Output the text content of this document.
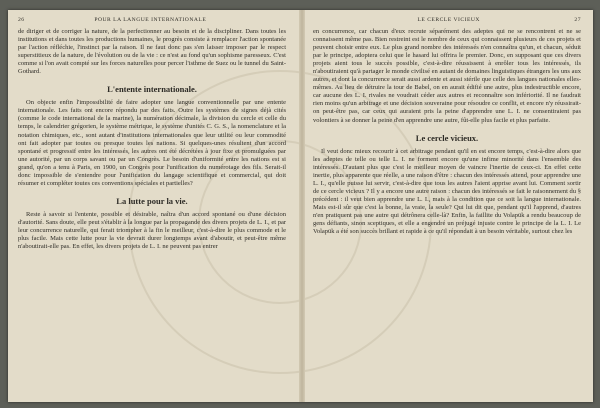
26	POUR LA LANGUE INTERNATIONALE

de diriger et de corriger la nature, de la perfectionner au besoin et de la discipliner. Dans toutes les institutions et dans toutes les productions humaines, le progrès consiste à remplacer l'action spontanée par l'action réfléchie, l'instinct par la raison. Il ne faut donc pas s'en laisser imposer par le respect superstitieux de la nature, de l'évolution ou de la vie : ce n'est au fond qu'un sophisme paresseux. C'est comme si l'on avait compté sur les forces naturelles pour percer l'isthme de Suez ou le tunnel du Saint-Gothard.

L'entente internationale.

On objecte enfin l'impossibilité de faire adopter une langue conventionnelle par une entente internationale. Les faits ont encore répondu par des faits. Outre les systèmes de signes déjà cités (comme le code international de la marine), la numération décimale, la division du cercle et celle du temps, le calendrier grégorien, le système métrique, le système d'unités C. G. S., la nomenclature et la notation chimiques, etc., sont autant d'institutions internationales que leur utilité ou leur commodité ont fait adopter par toutes ou presque toutes les nations. Si quelques-unes résultent d'un accord spontané et progressif entre les intéressés, les autres ont été décrétées à jour fixe et promulguées par une autorité, par un corps savant ou par un Congrès. Le besoin d'uniformité entre les nations est si grand, qu'on a tenu à Paris, en 1900, un Congrès pour l'unification du numérotage des fils. Serait-il donc impossible de s'entendre pour l'unification du langage scientifique et commercial, qui doit résumer et compléter toutes ces conventions spéciales et partielles?

La lutte pour la vie.

Reste à savoir si l'entente, possible et désirable, naîtra d'un accord spontané ou d'une décision d'autorité. Sans doute, elle peut s'établir à la longue par la propagande des divers projets de L. I., et par leur concurrence naturelle, qui ferait triompher à la fin le meilleur, c'est-à-dire le plus commode et le plus facile. Mais cette lutte pour la vie devrait durer longtemps avant d'aboutir, et peut-être même n'aboutirait-elle pas. En effet, les divers projets de L. I. ne peuvent pas entrer

LE CERCLE VICIEUX	27

en concurrence, car chacun d'eux recrute séparément des adeptes qui ne se rencontrent et ne se connaissent même pas. Bien restreint est le nombre de ceux qui connaissent plusieurs de ces projets et peuvent choisir entre eux. Le plus grand nombre des intéressés n'en connaîtra qu'un, et chacun, séduit par le principe, adoptera celui que le hasard lui offrira le premier. Donc, en supposant que ces divers projets aient tous le succès possible, c'est-à-dire réussissent à enrôler tous les intéressés, ils n'aboutiraient qu'à partager le monde civilisé en autant de domaines linguistiques étrangers les uns aux autres, et dont la concurrence serait aussi ardente et aussi stérile que celle des langues nationales elles-mêmes. Au lieu de détruire la tour de Babel, on en aurait édifié une autre, plus indestructible encore, car aucune des L. I. rivales ne voudrait céder aux autres et reconnaître son infériorité. Il ne faudrait rien moins qu'un arbitrage et une décision souveraine pour résoudre ce conflit, et encore n'y réussirait-on peut-être pas, car ceux qui auraient pris la peine d'apprendre une L. I. ne consentiraient pas volontiers à se donner la peine d'en apprendre une autre, fût-elle plus facile et plus parfaite.

Le cercle vicieux.

Il veut donc mieux recourir à cet arbitrage pendant qu'il en est encore temps, c'est-à-dire alors que les adeptes de telle ou telle L. I. ne forment encore qu'une infime minorité dans l'ensemble des intéressés. D'autant plus que c'est le meilleur moyen de vaincre l'inertie de ceux-ci. En effet cette inertie, plus apparente que réelle, a une raison d'être : chacun des intéressés attend, pour apprendre une L. I., qu'elle puisse lui servir, c'est-à-dire que tous les autres l'aient apprise avant lui. Comment sortir de ce cercle vicieux ? Il y a encore une autre raison : chacun des intéressés se fait le raisonnement du § précédent : il veut bien apprendre une L. I., mais à la condition que ce soit la langue internationale. Mais est-il sûr que c'est la bonne, la vraie, la seule? Qui lui dit que, pendant qu'il l'apprend, d'autres n'en pratiquent pas une autre qui détrônera celle-là? Enfin, la faillite du Volapük a rendu beaucoup de gens défiants, sinon sceptiques, et elle a engendré un préjugé injuste contre le principe de la L. I. Le Volapük a été son succès brillant et rapide à ce qu'il répondait à un besoin véritable, surtout chez les
